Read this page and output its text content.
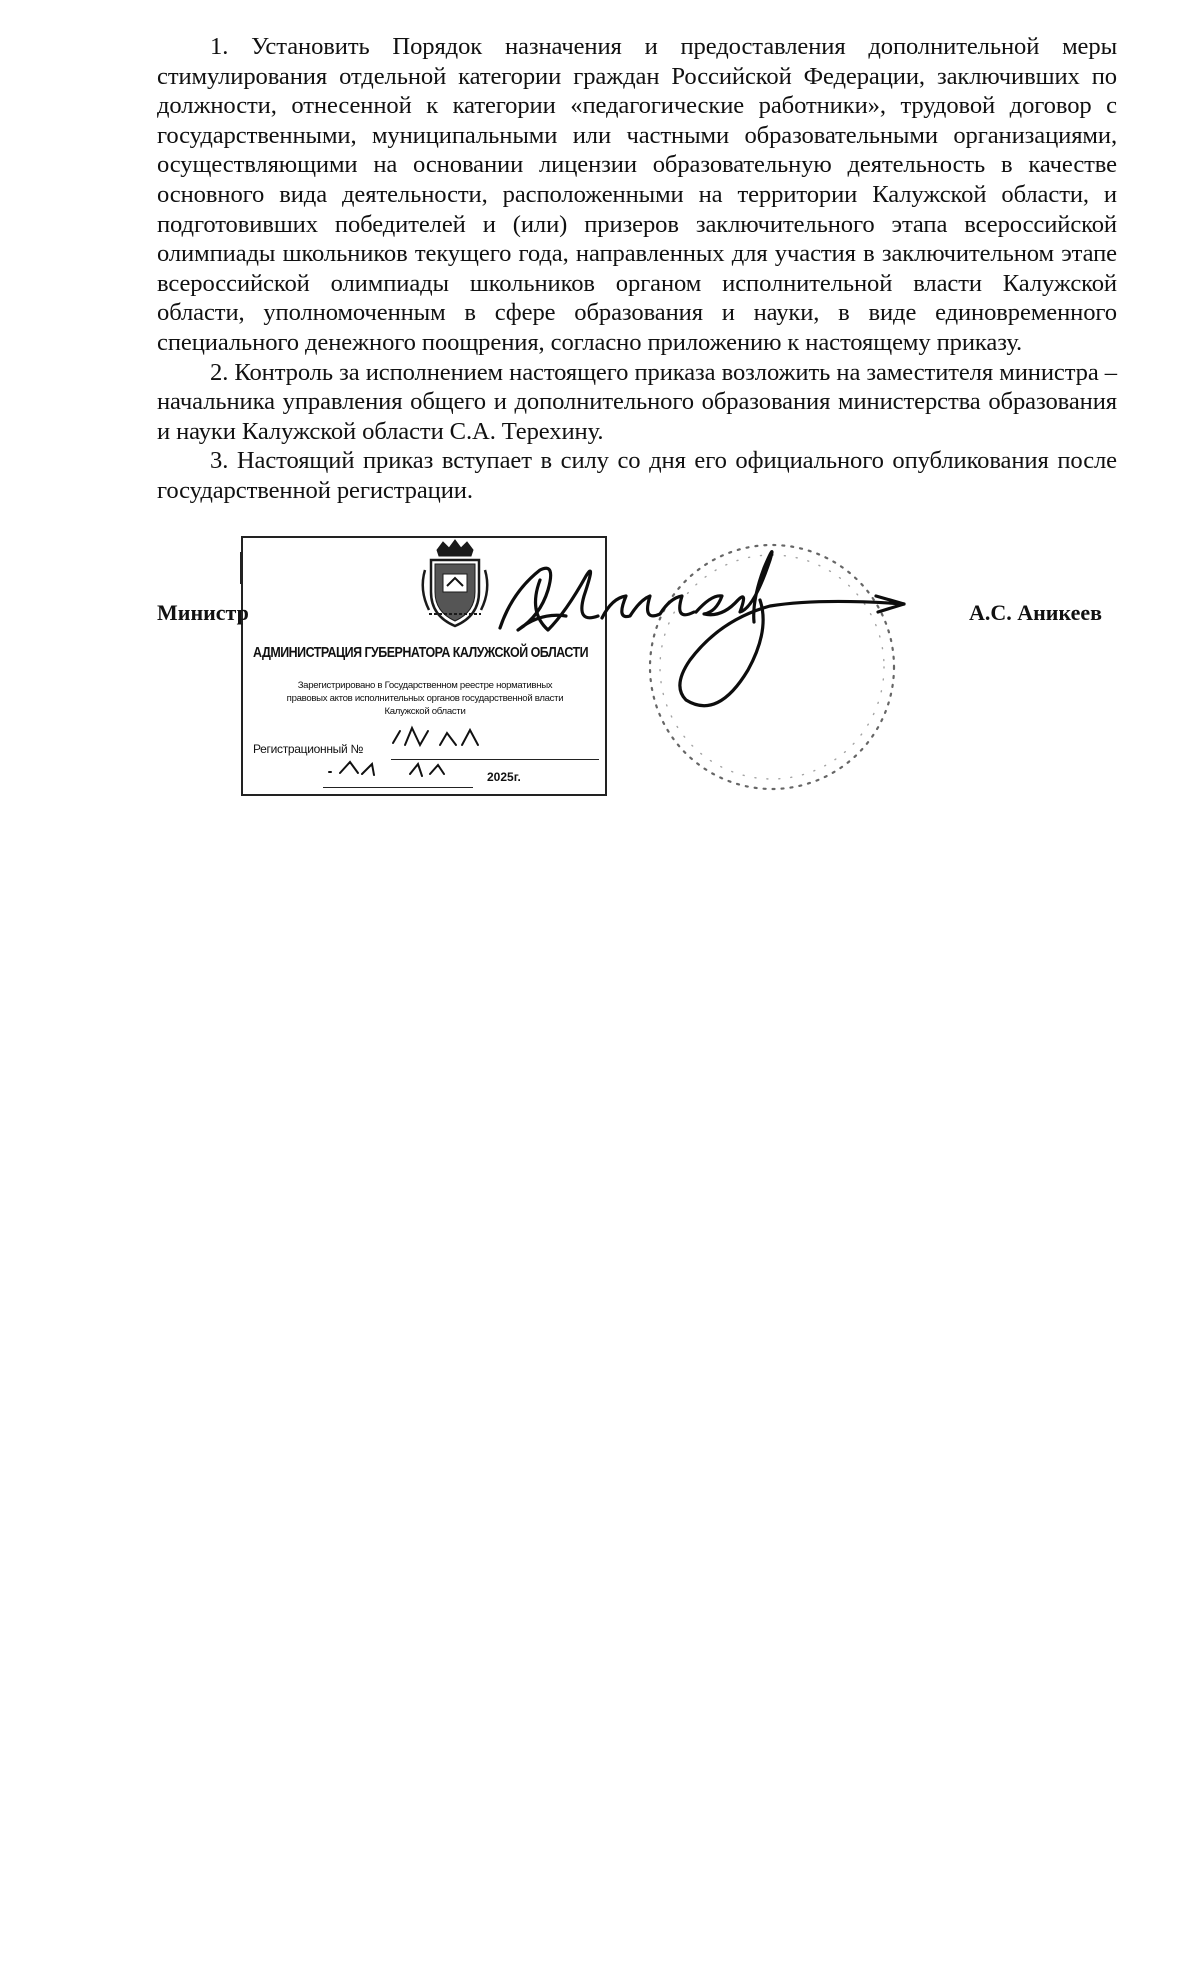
1. Установить Порядок назначения и предоставления дополнительной меры стимулирования отдельной категории граждан Российской Федерации, заключивших по должности, отнесенной к категории «педагогические работники», трудовой договор с государственными, муниципальными или частными образовательными организациями, осуществляющими на основании лицензии образовательную деятельность в качестве основного вида деятельности, расположенными на территории Калужской области, и подготовивших победителей и (или) призеров заключительного этапа всероссийской олимпиады школьников текущего года, направленных для участия в заключительном этапе всероссийской олимпиады школьников органом исполнительной власти Калужской области, уполномоченным в сфере образования и науки, в виде единовременного специального денежного поощрения, согласно приложению к настоящему приказу.

2. Контроль за исполнением настоящего приказа возложить на заместителя министра – начальника управления общего и дополнительного образования министерства образования и науки Калужской области С.А. Терехину.

3. Настоящий приказ вступает в силу со дня его официального опубликования после государственной регистрации.

АДМИНИСТРАЦИЯ ГУБЕРНАТОРА КАЛУЖСКОЙ ОБЛАСТИ
Зарегистрировано в Государственном реестре нормативных
правовых актов исполнительных органов государственной власти
Калужской области
Регистрационный №
2025г.
Министр	А.С. Аникеев
